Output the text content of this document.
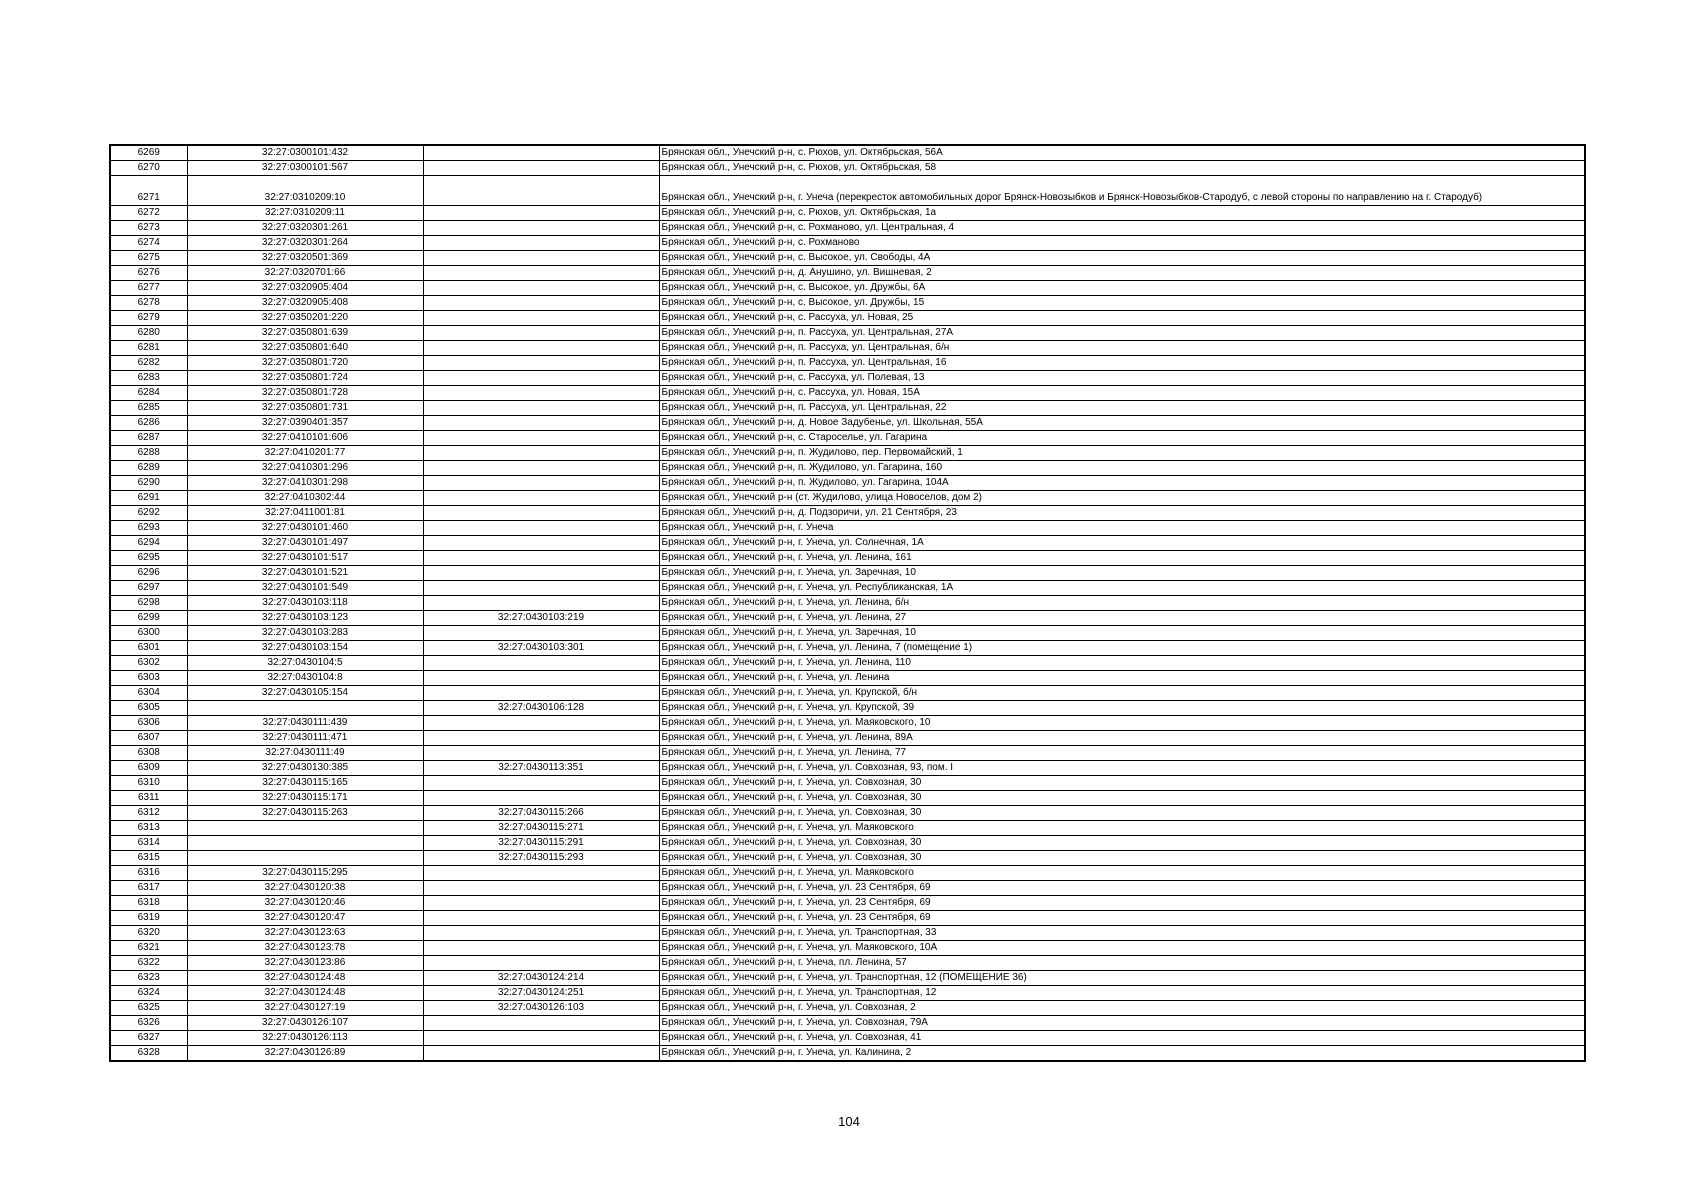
6269	32:27:0300101:432		Брянская обл., Унечский р-н, с. Рюхов, ул. Октябрьская, 56А
6270	32:27:0300101:567		Брянская обл., Унечский р-н, с. Рюхов, ул. Октябрьская, 58
6271	32:27:0310209:10		Брянская обл., Унечский р-н, г. Унеча (перекресток автомобильных дорог Брянск-Новозыбков и Брянск-Новозыбков-Стародуб, с левой стороны по направлению на г. Стародуб)
6272	32:27:0310209:11		Брянская обл., Унечский р-н, с. Рюхов, ул. Октябрьская, 1а
6273	32:27:0320301:261		Брянская обл., Унечский р-н, с. Рохманово, ул. Центральная, 4
6274	32:27:0320301:264		Брянская обл., Унечский р-н, с. Рохманово
6275	32:27:0320501:369		Брянская обл., Унечский р-н, с. Высокое, ул. Свободы, 4А
6276	32:27:0320701:66		Брянская обл., Унечский р-н, д. Анушино, ул. Вишневая, 2
6277	32:27:0320905:404		Брянская обл., Унечский р-н, с. Высокое, ул. Дружбы, 6А
6278	32:27:0320905:408		Брянская обл., Унечский р-н, с. Высокое, ул. Дружбы, 15
6279	32:27:0350201:220		Брянская обл., Унечский р-н, с. Рассуха, ул. Новая, 25
6280	32:27:0350801:639		Брянская обл., Унечский р-н, п. Рассуха, ул. Центральная, 27А
6281	32:27:0350801:640		Брянская обл., Унечский р-н, п. Рассуха, ул. Центральная, б/н
6282	32:27:0350801:720		Брянская обл., Унечский р-н, п. Рассуха, ул. Центральная, 16
6283	32:27:0350801:724		Брянская обл., Унечский р-н, с. Рассуха, ул. Полевая, 13
6284	32:27:0350801:728		Брянская обл., Унечский р-н, с. Рассуха, ул. Новая, 15А
6285	32:27:0350801:731		Брянская обл., Унечский р-н, п. Рассуха, ул. Центральная, 22
6286	32:27:0390401:357		Брянская обл., Унечский р-н, д. Новое Задубенье, ул. Школьная, 55А
6287	32:27:0410101:606		Брянская обл., Унечский р-н, с. Староселье, ул. Гагарина
6288	32:27:0410201:77		Брянская обл., Унечский р-н, п. Жудилово, пер. Первомайский, 1
6289	32:27:0410301:296		Брянская обл., Унечский р-н, п. Жудилово, ул. Гагарина, 160
6290	32:27:0410301:298		Брянская обл., Унечский р-н, п. Жудилово, ул. Гагарина, 104А
6291	32:27:0410302:44		Брянская обл., Унечский р-н (ст. Жудилово, улица Новоселов, дом 2)
6292	32:27:0411001:81		Брянская обл., Унечский р-н, д. Подзоричи, ул. 21 Сентября, 23
6293	32:27:0430101:460		Брянская обл., Унечский р-н, г. Унеча
6294	32:27:0430101:497		Брянская обл., Унечский р-н, г. Унеча, ул. Солнечная, 1А
6295	32:27:0430101:517		Брянская обл., Унечский р-н, г. Унеча, ул. Ленина, 161
6296	32:27:0430101:521		Брянская обл., Унечский р-н, г. Унеча, ул. Заречная, 10
6297	32:27:0430101:549		Брянская обл., Унечский р-н, г. Унеча, ул. Республиканская, 1А
6298	32:27:0430103:118		Брянская обл., Унечский р-н, г. Унеча, ул. Ленина, б/н
6299	32:27:0430103:123	32:27:0430103:219	Брянская обл., Унечский р-н, г. Унеча, ул. Ленина, 27
6300	32:27:0430103:283		Брянская обл., Унечский р-н, г. Унеча, ул. Заречная, 10
6301	32:27:0430103:154	32:27:0430103:301	Брянская обл., Унечский р-н, г. Унеча, ул. Ленина, 7 (помещение 1)
6302	32:27:0430104:5		Брянская обл., Унечский р-н, г. Унеча, ул. Ленина, 110
6303	32:27:0430104:8		Брянская обл., Унечский р-н, г. Унеча, ул. Ленина
6304	32:27:0430105:154		Брянская обл., Унечский р-н, г. Унеча, ул. Крупской, б/н
6305		32:27:0430106:128	Брянская обл., Унечский р-н, г. Унеча, ул. Крупской, 39
6306	32:27:0430111:439		Брянская обл., Унечский р-н, г. Унеча, ул. Маяковского, 10
6307	32:27:0430111:471		Брянская обл., Унечский р-н, г. Унеча, ул. Ленина, 89А
6308	32:27:0430111:49		Брянская обл., Унечский р-н, г. Унеча, ул. Ленина, 77
6309	32:27:0430130:385	32:27:0430113:351	Брянская обл., Унечский р-н, г. Унеча, ул. Совхозная, 93, пом. I
6310	32:27:0430115:165		Брянская обл., Унечский р-н, г. Унеча, ул. Совхозная, 30
6311	32:27:0430115:171		Брянская обл., Унечский р-н, г. Унеча, ул. Совхозная, 30
6312	32:27:0430115:263	32:27:0430115:266	Брянская обл., Унечский р-н, г. Унеча, ул. Совхозная, 30
6313		32:27:0430115:271	Брянская обл., Унечский р-н, г. Унеча, ул. Маяковского
6314		32:27:0430115:291	Брянская обл., Унечский р-н, г. Унеча, ул. Совхозная, 30
6315		32:27:0430115:293	Брянская обл., Унечский р-н, г. Унеча, ул. Совхозная, 30
6316	32:27:0430115:295		Брянская обл., Унечский р-н, г. Унеча, ул. Маяковского
6317	32:27:0430120:38		Брянская обл., Унечский р-н, г. Унеча, ул. 23 Сентября, 69
6318	32:27:0430120:46		Брянская обл., Унечский р-н, г. Унеча, ул. 23 Сентября, 69
6319	32:27:0430120:47		Брянская обл., Унечский р-н, г. Унеча, ул. 23 Сентября, 69
6320	32:27:0430123:63		Брянская обл., Унечский р-н, г. Унеча, ул. Транспортная, 33
6321	32:27:0430123:78		Брянская обл., Унечский р-н, г. Унеча, ул. Маяковского, 10А
6322	32:27:0430123:86		Брянская обл., Унечский р-н, г. Унеча, пл. Ленина, 57
6323	32:27:0430124:48	32:27:0430124:214	Брянская обл., Унечский р-н, г. Унеча, ул. Транспортная, 12 (ПОМЕЩЕНИЕ 36)
6324	32:27:0430124:48	32:27:0430124:251	Брянская обл., Унечский р-н, г. Унеча, ул. Транспортная, 12
6325	32:27:0430127:19	32:27:0430126:103	Брянская обл., Унечский р-н, г. Унеча, ул. Совхозная, 2
6326	32:27:0430126:107		Брянская обл., Унечский р-н, г. Унеча, ул. Совхозная, 79А
6327	32:27:0430126:113		Брянская обл., Унечский р-н, г. Унеча, ул. Совхозная, 41
6328	32:27:0430126:89		Брянская обл., Унечский р-н, г. Унеча, ул. Калинина, 2
104
